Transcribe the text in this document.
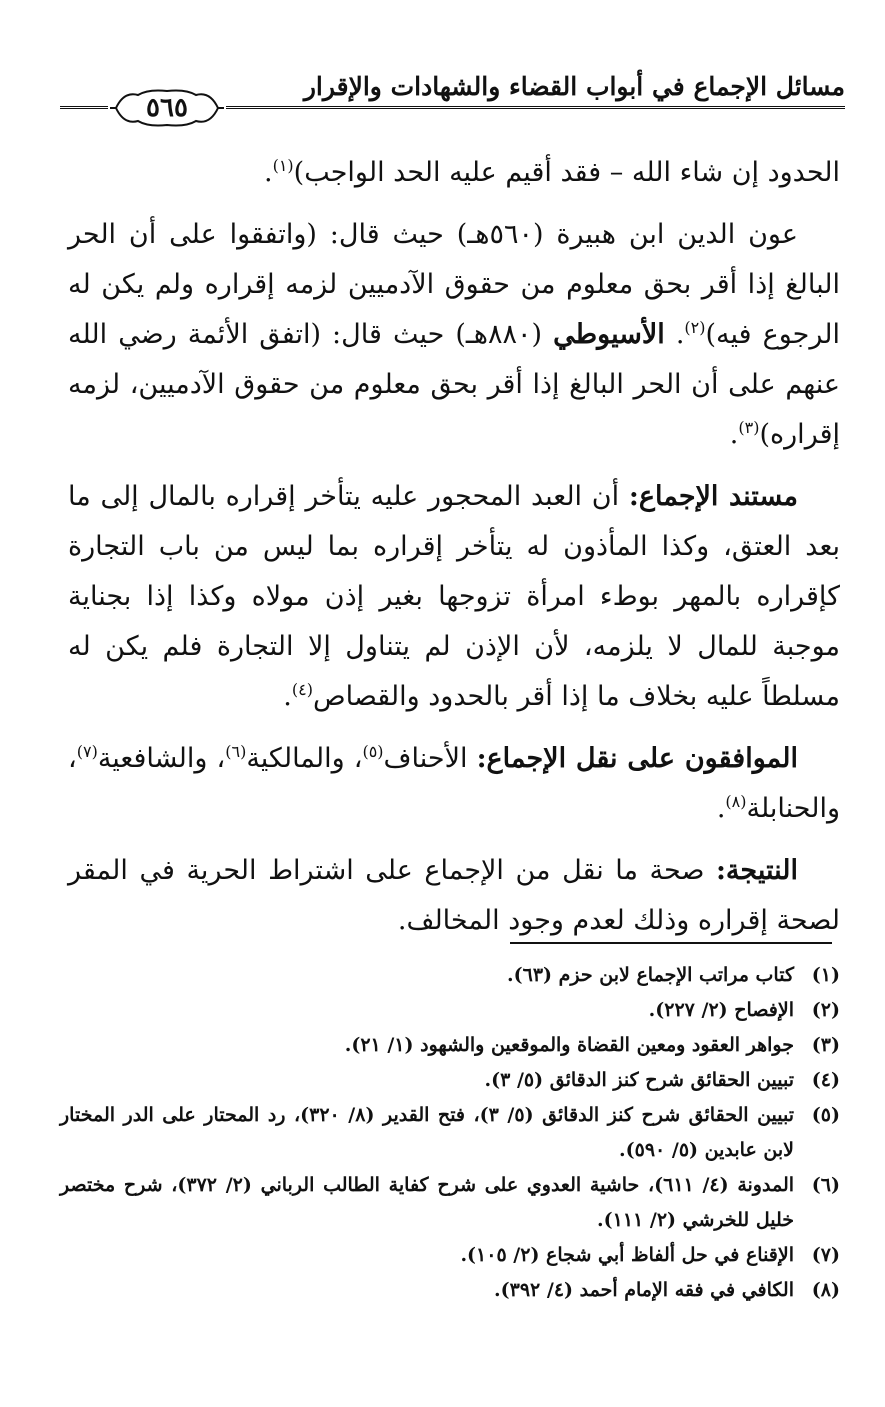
مسائل الإجماع في أبواب القضاء والشهادات والإقرار
٥٦٥

الحدود إن شاء الله – فقد أقيم عليه الحد الواجب)$^{(١)}$.

عون الدين ابن هبيرة (٥٦٠هـ) حيث قال: (واتفقوا على أن الحر البالغ إذا أقر بحق معلوم من حقوق الآدميين لزمه إقراره ولم يكن له الرجوع فيه)$^{(٢)}$. الأسيوطي (٨٨٠هـ) حيث قال: (اتفق الأئمة رضي الله عنهم على أن الحر البالغ إذا أقر بحق معلوم من حقوق الآدميين، لزمه إقراره)$^{(٣)}$.

مستند الإجماع: أن العبد المحجور عليه يتأخر إقراره بالمال إلى ما بعد العتق، وكذا المأذون له يتأخر إقراره بما ليس من باب التجارة كإقراره بالمهر بوطء امرأة تزوجها بغير إذن مولاه وكذا إذا بجناية موجبة للمال لا يلزمه، لأن الإذن لم يتناول إلا التجارة فلم يكن له مسلطاً عليه بخلاف ما إذا أقر بالحدود والقصاص$^{(٤)}$.

الموافقون على نقل الإجماع: الأحناف$^{(٥)}$، والمالكية$^{(٦)}$، والشافعية$^{(٧)}$، والحنابلة$^{(٨)}$.

النتيجة: صحة ما نقل من الإجماع على اشتراط الحرية في المقر لصحة إقراره وذلك لعدم وجود المخالف.

(١)
كتاب مراتب الإجماع لابن حزم (٦٣).
(٢)
الإفصاح (٢/ ٢٢٧).
(٣)
جواهر العقود ومعين القضاة والموقعين والشهود (١/ ٢١).
(٤)
تبيين الحقائق شرح كنز الدقائق (٥/ ٣).
(٥)
تبيين الحقائق شرح كنز الدقائق (٥/ ٣)، فتح القدير (٨/ ٣٢٠)، رد المحتار على الدر المختار لابن عابدين (٥/ ٥٩٠).
(٦)
المدونة (٤/ ٦١١)، حاشية العدوي على شرح كفاية الطالب الرباني (٢/ ٣٧٢)، شرح مختصر خليل للخرشي (٢/ ١١١).
(٧)
الإقناع في حل ألفاظ أبي شجاع (٢/ ١٠٥).
(٨)
الكافي في فقه الإمام أحمد (٤/ ٣٩٢).
